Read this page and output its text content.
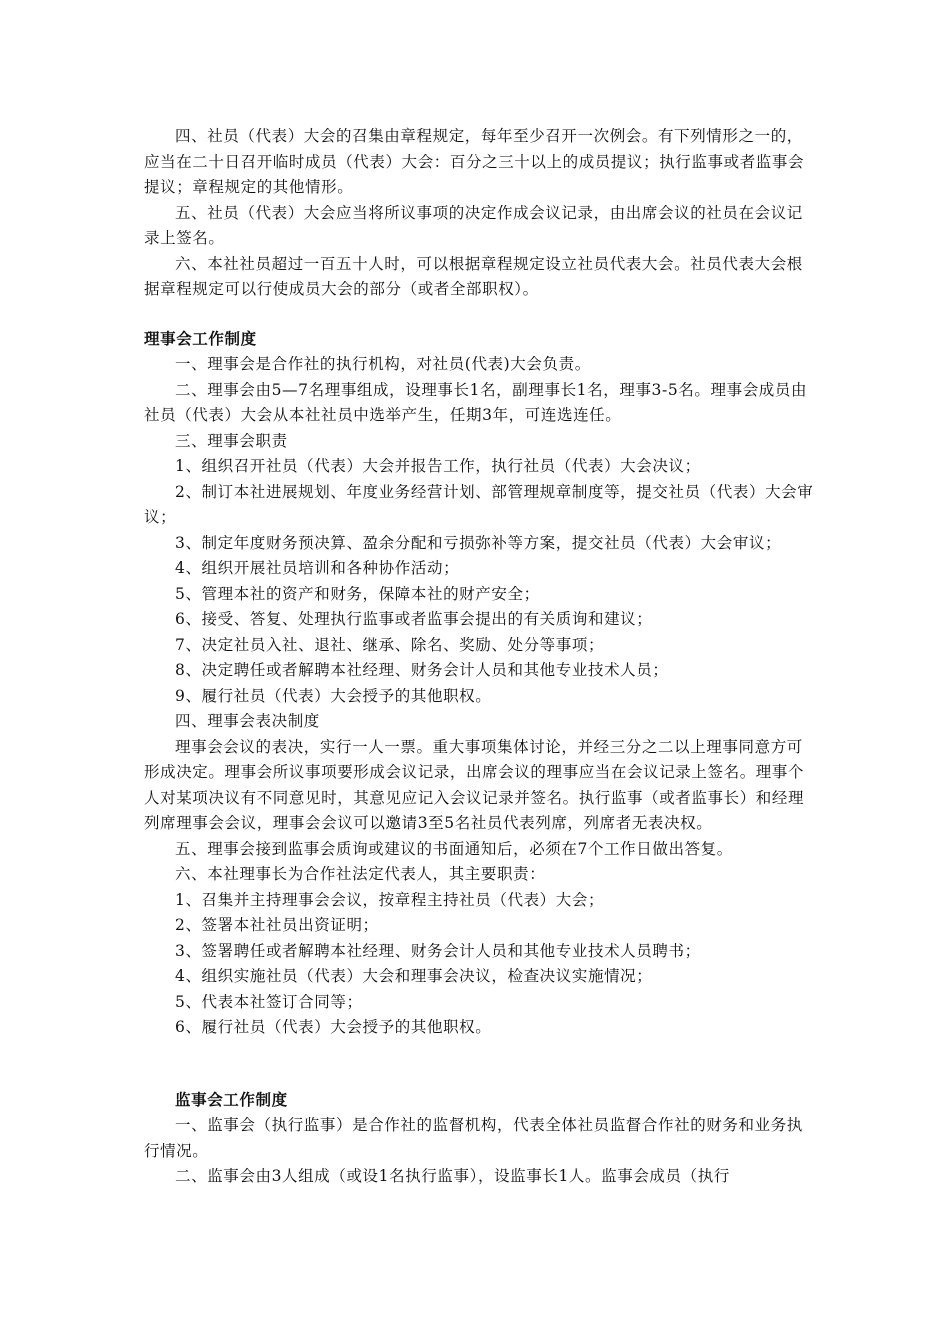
四、社员（代表）大会的召集由章程规定，每年至少召开一次例会。有下列情形之一的，应当在二十日召开临时成员（代表）大会：百分之三十以上的成员提议；执行监事或者监事会提议；章程规定的其他情形。

五、社员（代表）大会应当将所议事项的决定作成会议记录，由出席会议的社员在会议记录上签名。

六、本社社员超过一百五十人时，可以根据章程规定设立社员代表大会。社员代表大会根据章程规定可以行使成员大会的部分（或者全部职权）。

理事会工作制度

一、理事会是合作社的执行机构，对社员(代表)大会负责。

二、理事会由5—7名理事组成，设理事长1名，副理事长1名，理事3-5名。理事会成员由社员（代表）大会从本社社员中选举产生，任期3年，可连选连任。

三、理事会职责

1、组织召开社员（代表）大会并报告工作，执行社员（代表）大会决议；

2、制订本社进展规划、年度业务经营计划、部管理规章制度等，提交社员（代表）大会审议；

3、制定年度财务预决算、盈余分配和亏损弥补等方案，提交社员（代表）大会审议；

4、组织开展社员培训和各种协作活动；

5、管理本社的资产和财务，保障本社的财产安全；

6、接受、答复、处理执行监事或者监事会提出的有关质询和建议；

7、决定社员入社、退社、继承、除名、奖励、处分等事项；

8、决定聘任或者解聘本社经理、财务会计人员和其他专业技术人员；

9、履行社员（代表）大会授予的其他职权。

四、理事会表决制度

理事会会议的表决，实行一人一票。重大事项集体讨论，并经三分之二以上理事同意方可形成决定。理事会所议事项要形成会议记录，出席会议的理事应当在会议记录上签名。理事个人对某项决议有不同意见时，其意见应记入会议记录并签名。执行监事（或者监事长）和经理列席理事会会议，理事会会议可以邀请3至5名社员代表列席，列席者无表决权。

五、理事会接到监事会质询或建议的书面通知后，必须在7个工作日做出答复。

六、本社理事长为合作社法定代表人，其主要职责：

1、召集并主持理事会会议，按章程主持社员（代表）大会；

2、签署本社社员出资证明；

3、签署聘任或者解聘本社经理、财务会计人员和其他专业技术人员聘书；

4、组织实施社员（代表）大会和理事会决议，检查决议实施情况；

5、代表本社签订合同等；

6、履行社员（代表）大会授予的其他职权。

监事会工作制度

一、监事会（执行监事）是合作社的监督机构，代表全体社员监督合作社的财务和业务执行情况。

二、监事会由3人组成（或设1名执行监事），设监事长1人。监事会成员（执行
